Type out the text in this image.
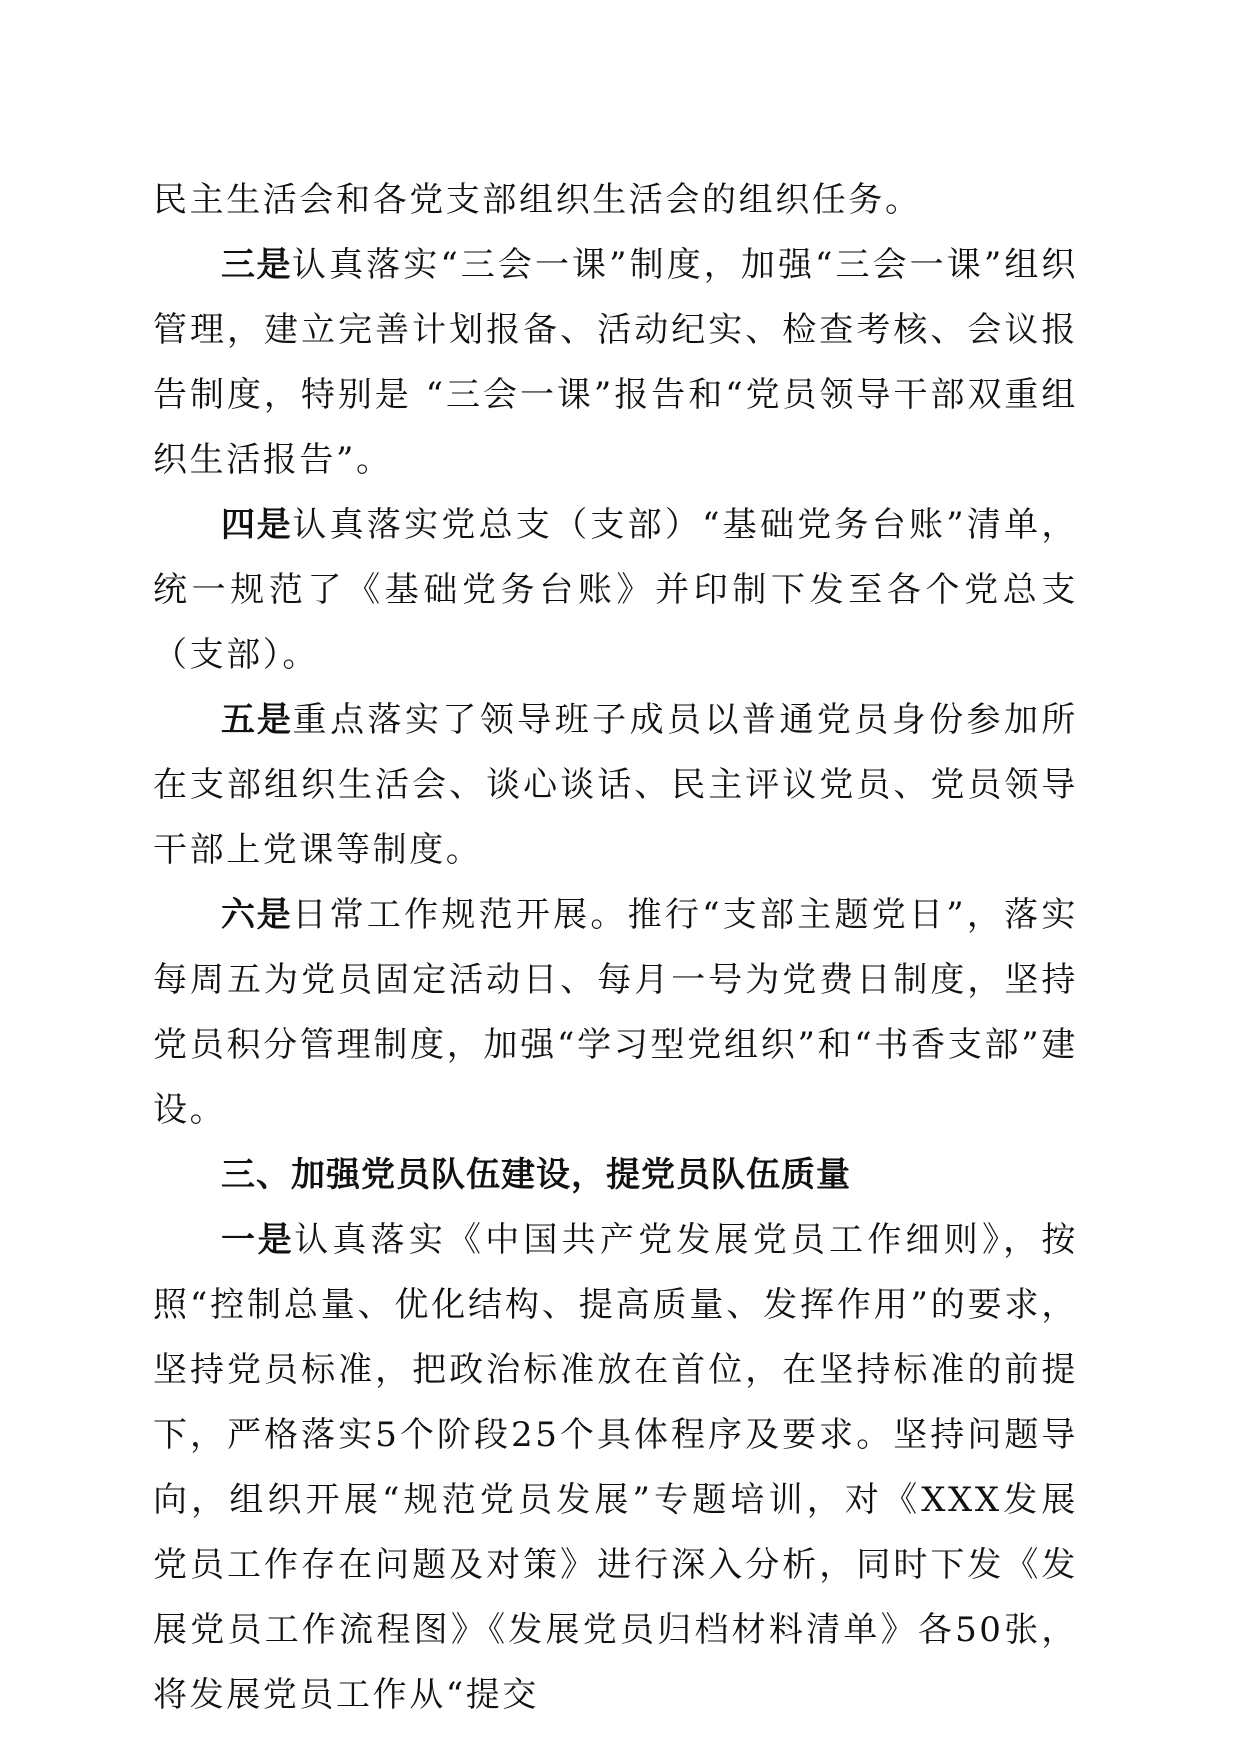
民主生活会和各党支部组织生活会的组织任务。

三是认真落实“三会一课”制度，加强“三会一课”组织管理，建立完善计划报备、活动纪实、检查考核、会议报告制度，特别是 “三会一课”报告和“党员领导干部双重组织生活报告”。

四是认真落实党总支（支部）“基础党务台账”清单，统一规范了《基础党务台账》并印制下发至各个党总支（支部）。

五是重点落实了领导班子成员以普通党员身份参加所在支部组织生活会、谈心谈话、民主评议党员、党员领导干部上党课等制度。

六是日常工作规范开展。推行“支部主题党日”，落实每周五为党员固定活动日、每月一号为党费日制度，坚持党员积分管理制度，加强“学习型党组织”和“书香支部”建设。

三、加强党员队伍建设，提党员队伍质量

一是认真落实《中国共产党发展党员工作细则》，按照“控制总量、优化结构、提高质量、发挥作用”的要求，坚持党员标准，把政治标准放在首位，在坚持标准的前提下，严格落实5个阶段25个具体程序及要求。坚持问题导向，组织开展“规范党员发展”专题培训，对《XXX发展党员工作存在问题及对策》进行深入分析，同时下发《发展党员工作流程图》《发展党员归档材料清单》各50张，将发展党员工作从“提交
